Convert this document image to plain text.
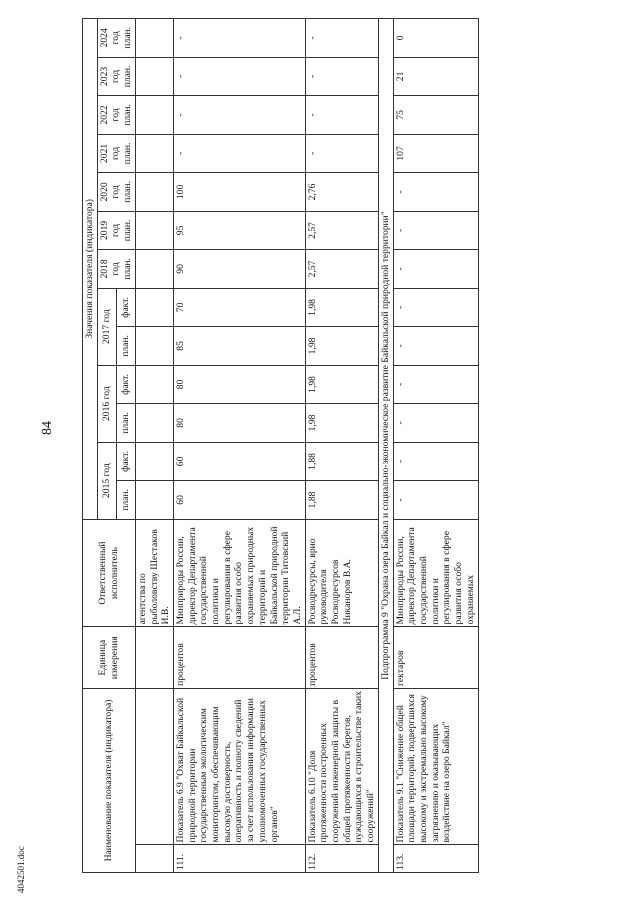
84
4042501.doc
Наименование показателя (индикатора)		Единица измерения	Ответственный исполнитель	Значения показателя (индикатора)												
				2015 год		2016 год		2017 год		2018 год план.	2019 год план.	2020 год план.	2021 год план.	2022 год план.	2023 год план.	2024 год план.
				план.	факт.	план.	факт.	план.	факт.							
			агентства по рыболовству Шестаков И.В.													
111.	Показатель 6.9 "Охват Байкальской природной территории государственным экологическим мониторингом, обеспечивающим высокую достоверность, оперативность и полноту сведений за счет использования информации уполномоченных государственных органов"	процентов	Минприроды России, директор Департамента государственной политики и регулирования в сфере развития особо охраняемых природных территорий и Байкальской природной территории Титовский А.Л.	60	60	80	80	85	70	90	95	100	-	-	-	-
112.	Показатель 6.10 "Доля протяженности построенных сооружений инженерной защиты в общей протяженности берегов, нуждающихся в строительстве таких сооружений"	процентов	Росводресурсы, врио руководителя Росводресурсов Никаноров В.А.	1,88	1,88	1,98	1,98	1,98	1,98	2,57	2,57	2,76	-	-	-	-
Подпрограмма 9 "Охрана озера Байкал и социально-экономическое развитие Байкальской природной территории"																
113.	Показатель 9.1 "Снижение общей площади территорий, подвергшихся высокому и экстремально высокому загрязнению и оказывающих воздействие на озеро Байкал"	гектаров	Минприроды России, директор Департамента государственной политики и регулирования в сфере развития особо охраняемых	-	-	-	-	-	-	-	-	-	107	75	21	0
